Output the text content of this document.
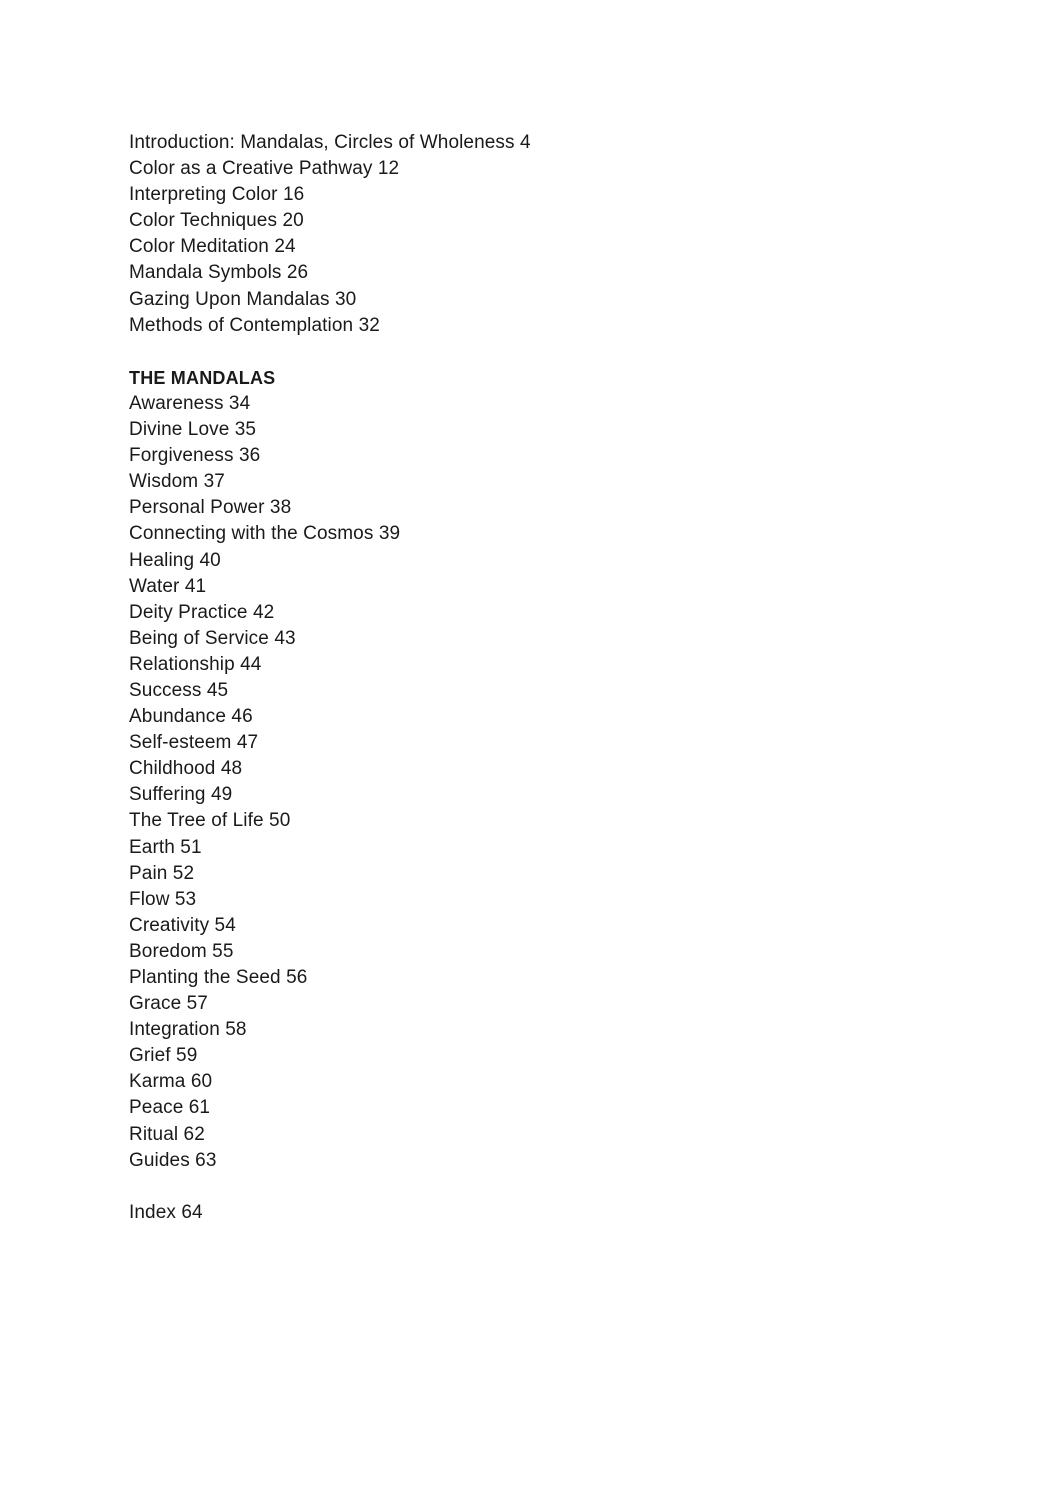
Introduction: Mandalas, Circles of Wholeness 4
Color as a Creative Pathway 12
Interpreting Color 16
Color Techniques 20
Color Meditation 24
Mandala Symbols 26
Gazing Upon Mandalas 30
Methods of Contemplation 32
THE MANDALAS
Awareness 34
Divine Love 35
Forgiveness 36
Wisdom 37
Personal Power 38
Connecting with the Cosmos 39
Healing 40
Water 41
Deity Practice 42
Being of Service 43
Relationship 44
Success 45
Abundance 46
Self-esteem 47
Childhood 48
Suffering 49
The Tree of Life 50
Earth 51
Pain 52
Flow 53
Creativity 54
Boredom 55
Planting the Seed 56
Grace 57
Integration 58
Grief 59
Karma 60
Peace 61
Ritual 62
Guides 63
Index 64
